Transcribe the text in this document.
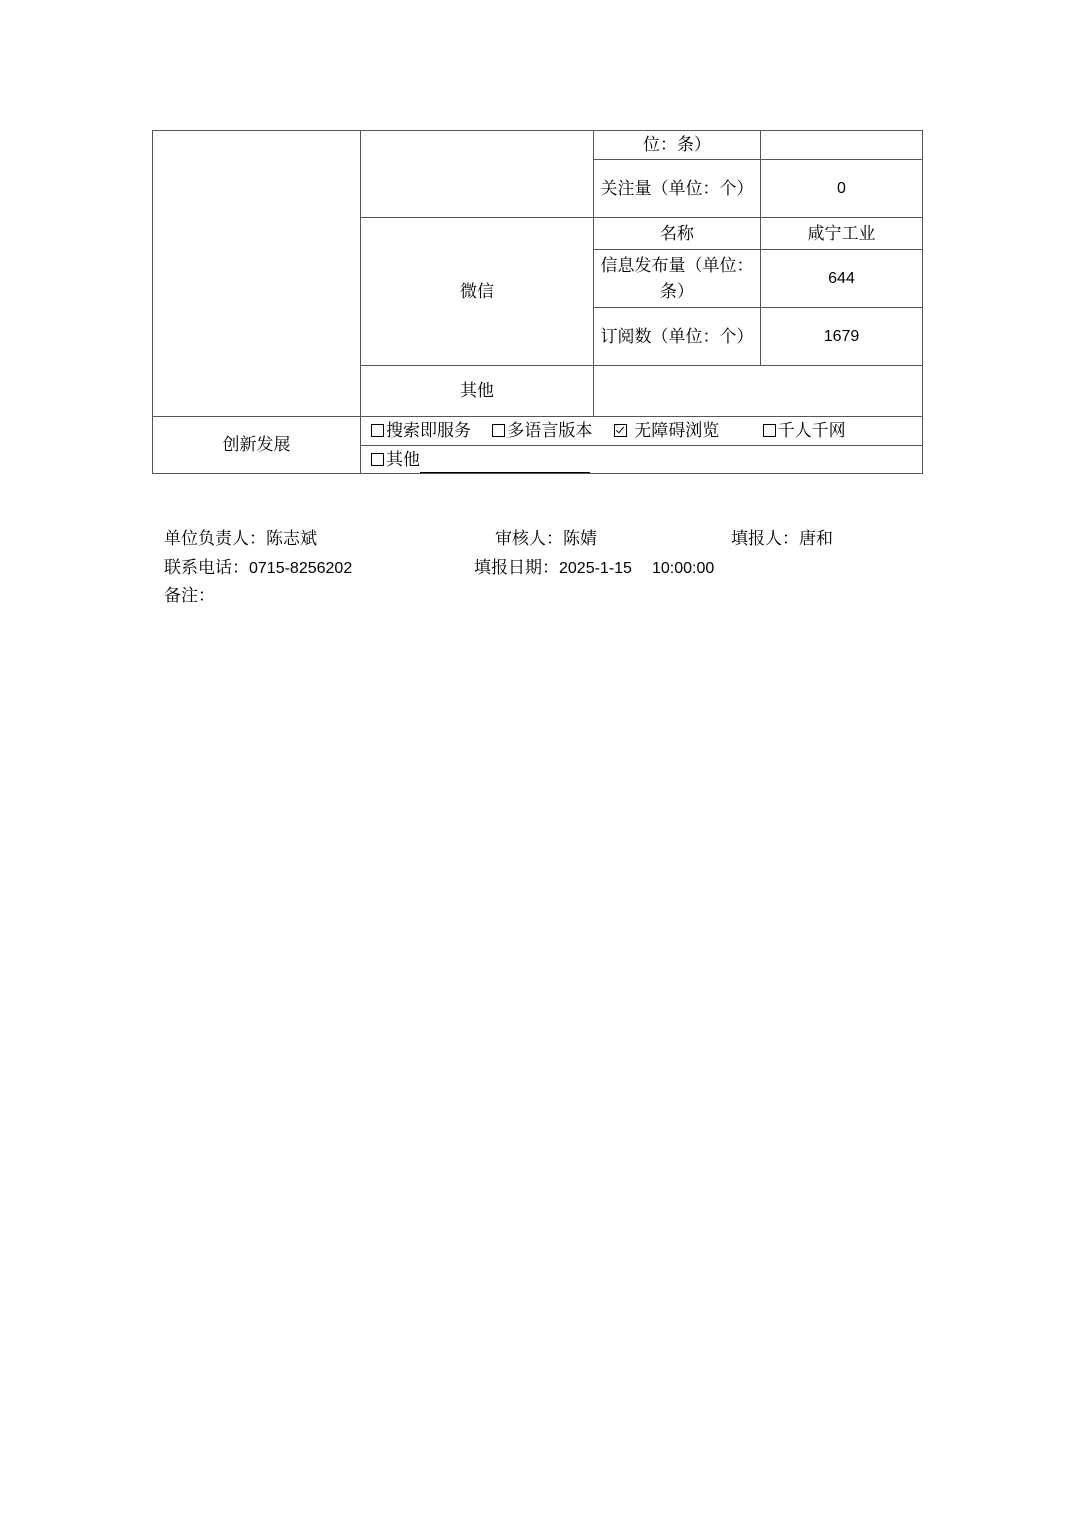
		位：条）	
		关注量（单位：个）	0
	微信	名称	咸宁工业
		信息发布量（单位：条）	644
		订阅数（单位：个）	1679
	其他		
创新发展	搜索即服务 多语言版本 无障碍浏览 千人千网		
	其他		
单位负责人：陈志斌	审核人：陈婧	填报人：唐和
联系电话：0715-8256202	填报日期：2025-1-15 10:00:00
备注：
